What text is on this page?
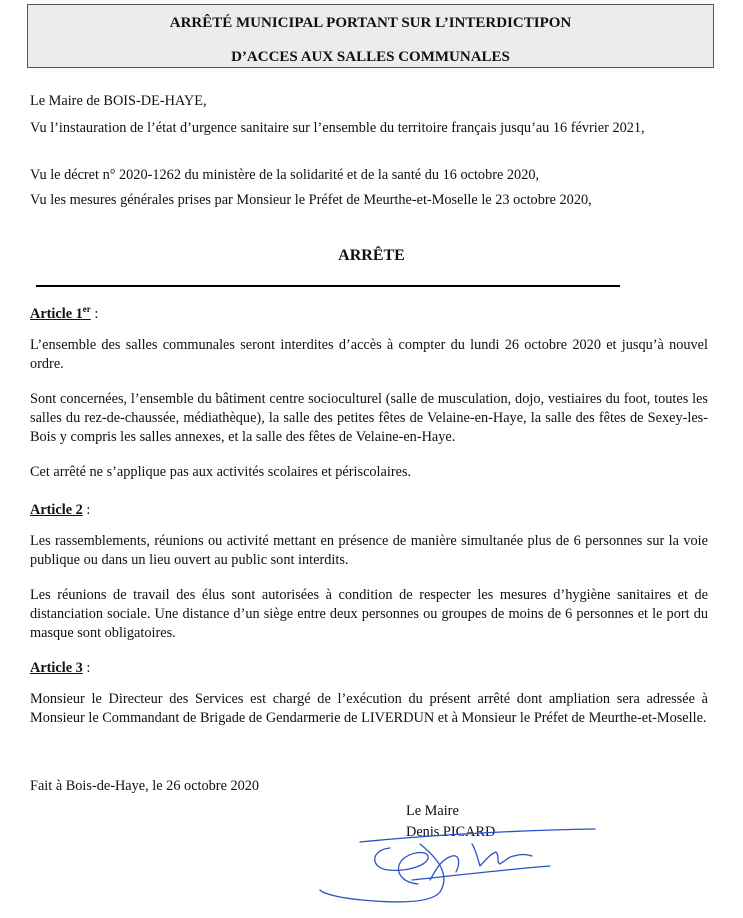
ARRÊTÉ MUNICIPAL PORTANT SUR L’INTERDICTIPON
D’ACCES AUX SALLES COMMUNALES
Le Maire de BOIS-DE-HAYE,
Vu l’instauration de l’état d’urgence sanitaire sur l’ensemble du territoire français jusqu’au 16 février 2021,
Vu le décret n° 2020-1262 du ministère de la solidarité et de la santé du 16 octobre 2020,
Vu les mesures générales prises par Monsieur le Préfet de Meurthe-et-Moselle le 23 octobre 2020,
ARRÊTE
Article 1er :
L’ensemble des salles communales seront interdites d’accès à compter du lundi 26 octobre 2020 et jusqu’à nouvel ordre.
Sont concernées, l’ensemble du bâtiment centre socioculturel (salle de musculation, dojo, vestiaires du foot, toutes les salles du rez-de-chaussée, médiathèque), la salle des petites fêtes de Velaine-en-Haye, la salle des fêtes de Sexey-les-Bois y compris les salles annexes, et la salle des fêtes de Velaine-en-Haye.
Cet arrêté ne s’applique pas aux activités scolaires et périscolaires.
Article 2 :
Les rassemblements, réunions ou activité mettant en présence de manière simultanée plus de 6 personnes sur la voie publique ou dans un lieu ouvert au public sont interdits.
Les réunions de travail des élus sont autorisées à condition de respecter les mesures d’hygiène sanitaires et de distanciation sociale. Une distance d’un siège entre deux personnes ou groupes de moins de 6 personnes et le port du masque sont obligatoires.
Article 3 :
Monsieur le Directeur des Services est chargé de l’exécution du présent arrêté dont ampliation sera adressée à Monsieur le Commandant de Brigade de Gendarmerie de LIVERDUN et à Monsieur le Préfet de Meurthe-et-Moselle.
Fait à Bois-de-Haye, le 26 octobre 2020
Le Maire
Denis PICARD
